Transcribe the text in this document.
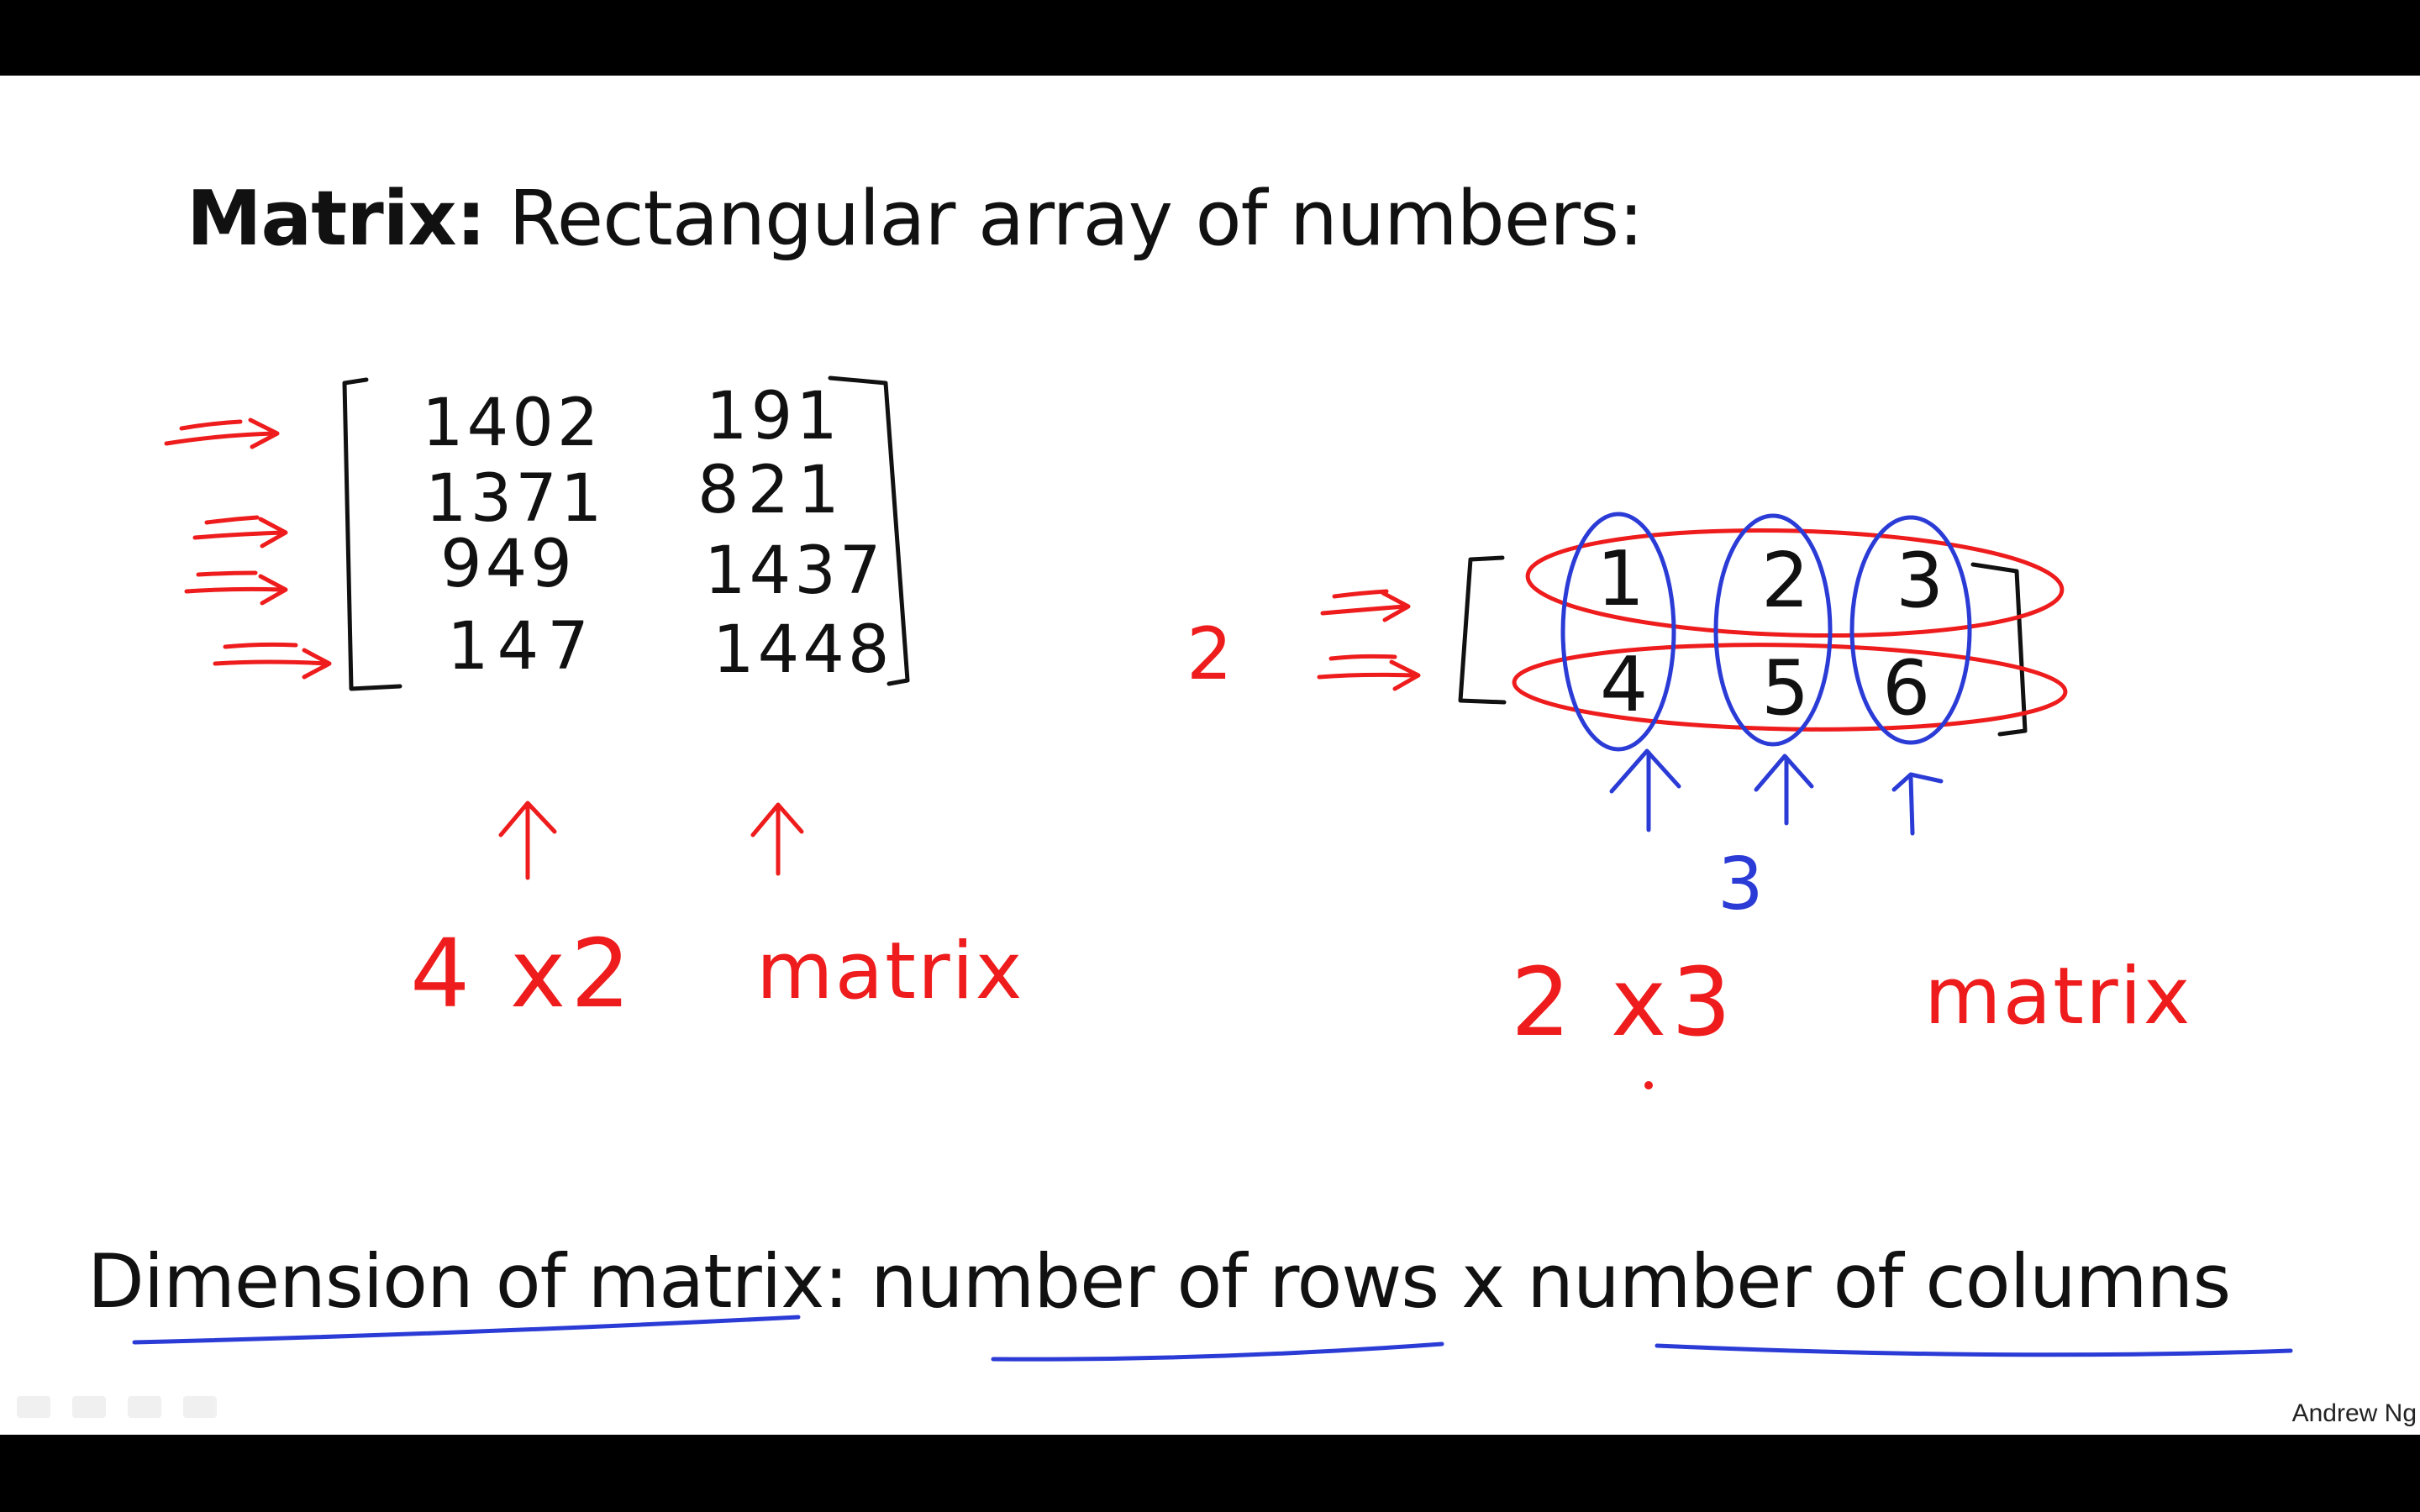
Matrix: Rectangular array of numbers:
1402 191
1371 821
949 1437
147 1448
4 x2 matrix
1 2 3
4 5 6
2
3
2 x3 matrix
Dimension of matrix: number of rows x number of columns
Andrew Ng
